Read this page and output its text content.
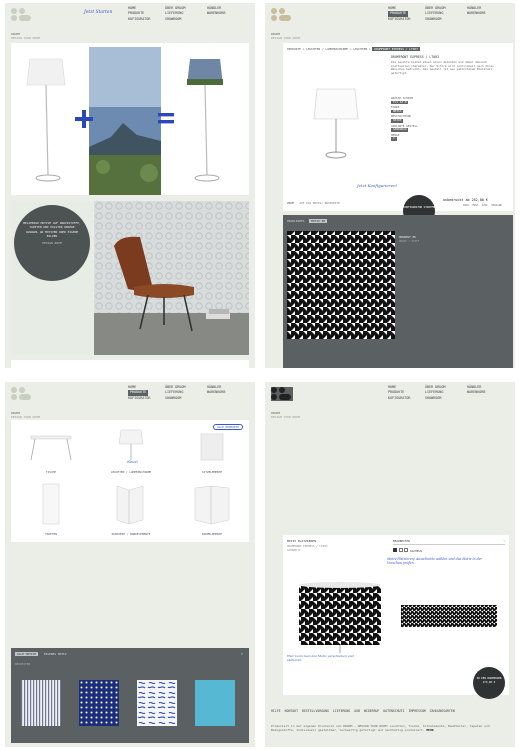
HOME
PRODUKTE
KOFIGURATOR
ÜBER DRUOM
LIEFERUNG
SHOWROOM
HÄNDLER
WARENKORB
Jetzt Starten
DRUOM
DESIGN YOUR ROOM
BELIEBIGE MOTIVE AUF DRUCKSTOFFE, TAPETEN UND POLSTER UNSERE AUSWAHL AN MOTIVEN ODER EIGENE BILDER
DESIGN ROOM
HOME
PRODUKTE
KOFIGURATOR
ÜBER DRUOM
LIEFERUNG
SHOWROOM
HÄNDLER
WARENKORB
DRUOM
DESIGN YOUR ROOM
PRODUKTE > LEUCHTEN / LAMPENSCHIRME > LEUCHTEN > DRUMFRONT EXPRESS / LT003
DRUMFRONT EXPRESS / LT003
Die Leuchte bietet Ihnen einen dezenten und dabei dennoch kraftvollen Charakter. Der Schirm wird individuell nach Ihren Wünschen bedruckt. Das Gestell ist aus gebürstetem Edelstahl gefertigt.
GRÖSSE SCHIRM
TL1 A3 M
FARBE
WEISS
BESCHICHTUNG
SEIDE
VARIANTE GESTELL
SANDGRAU
MENGE
1
ZOOM AUF DAS MOTIV/ RÜCKSEITE
Jetzt Konfigurieren!
KONFIGURATOR STARTEN
unbedruckt ab 252,00 €
INKL. MWST. ZZGL. VERSAND
HIGHLIGHTS MOTIV 06
HOUNDST 06
DRUCK / STOFF
HOME
PRODUKTE
KOFIGURATOR
ÜBER DRUOM
LIEFERUNG
SHOWROOM
HÄNDLER
WARENKORB
DRUOM
DESIGN YOUR ROOM
ALLE PRODUKTE
Neue!
TISCHE	LEUCHTEN / LAMPENSCHIRME	SITZELEMENTE
TAPETEN	PARAVENT / WANDELEMENTE	RAUMELEMENTE
ALLE MOTIVE	EIGENES MOTIV	⌕
NEUHEITEN
HOME
PRODUKTE
KOFIGURATOR
ÜBER DRUOM
LIEFERUNG
SHOWROOM
HÄNDLER
WARENKORB
DRUOM
DESIGN YOUR ROOM
MOTIV PLATZIEREN
DRUMFRONT EXPRESS / LT003
SCHIRM M
BEARBEITEN	⌄
KACHELN
Motiv-Platzieren/ Ausschnitte wählen und das Motiv in der Vorschau prüfen.
Hier kann man das Motiv verschieben und skalieren.
IN DEN WARENKORB
279,00 €
HILFE KONTAKT BESTELLVORGANG LIEFERUNG AGB WIDERRUF DATENSCHUTZ IMPRESSUM ZAHLUNGSARTEN
Produziert in der eigenen Druckerei von DRUOM – DESIGN YOUR ROOM: Leuchten, Tische, Sitzelemente, Raumteiler, Tapeten und Bezugsstoffe. Individuell gestaltbar, hochwertig gefertigt und nachhaltig produziert. MEHR
